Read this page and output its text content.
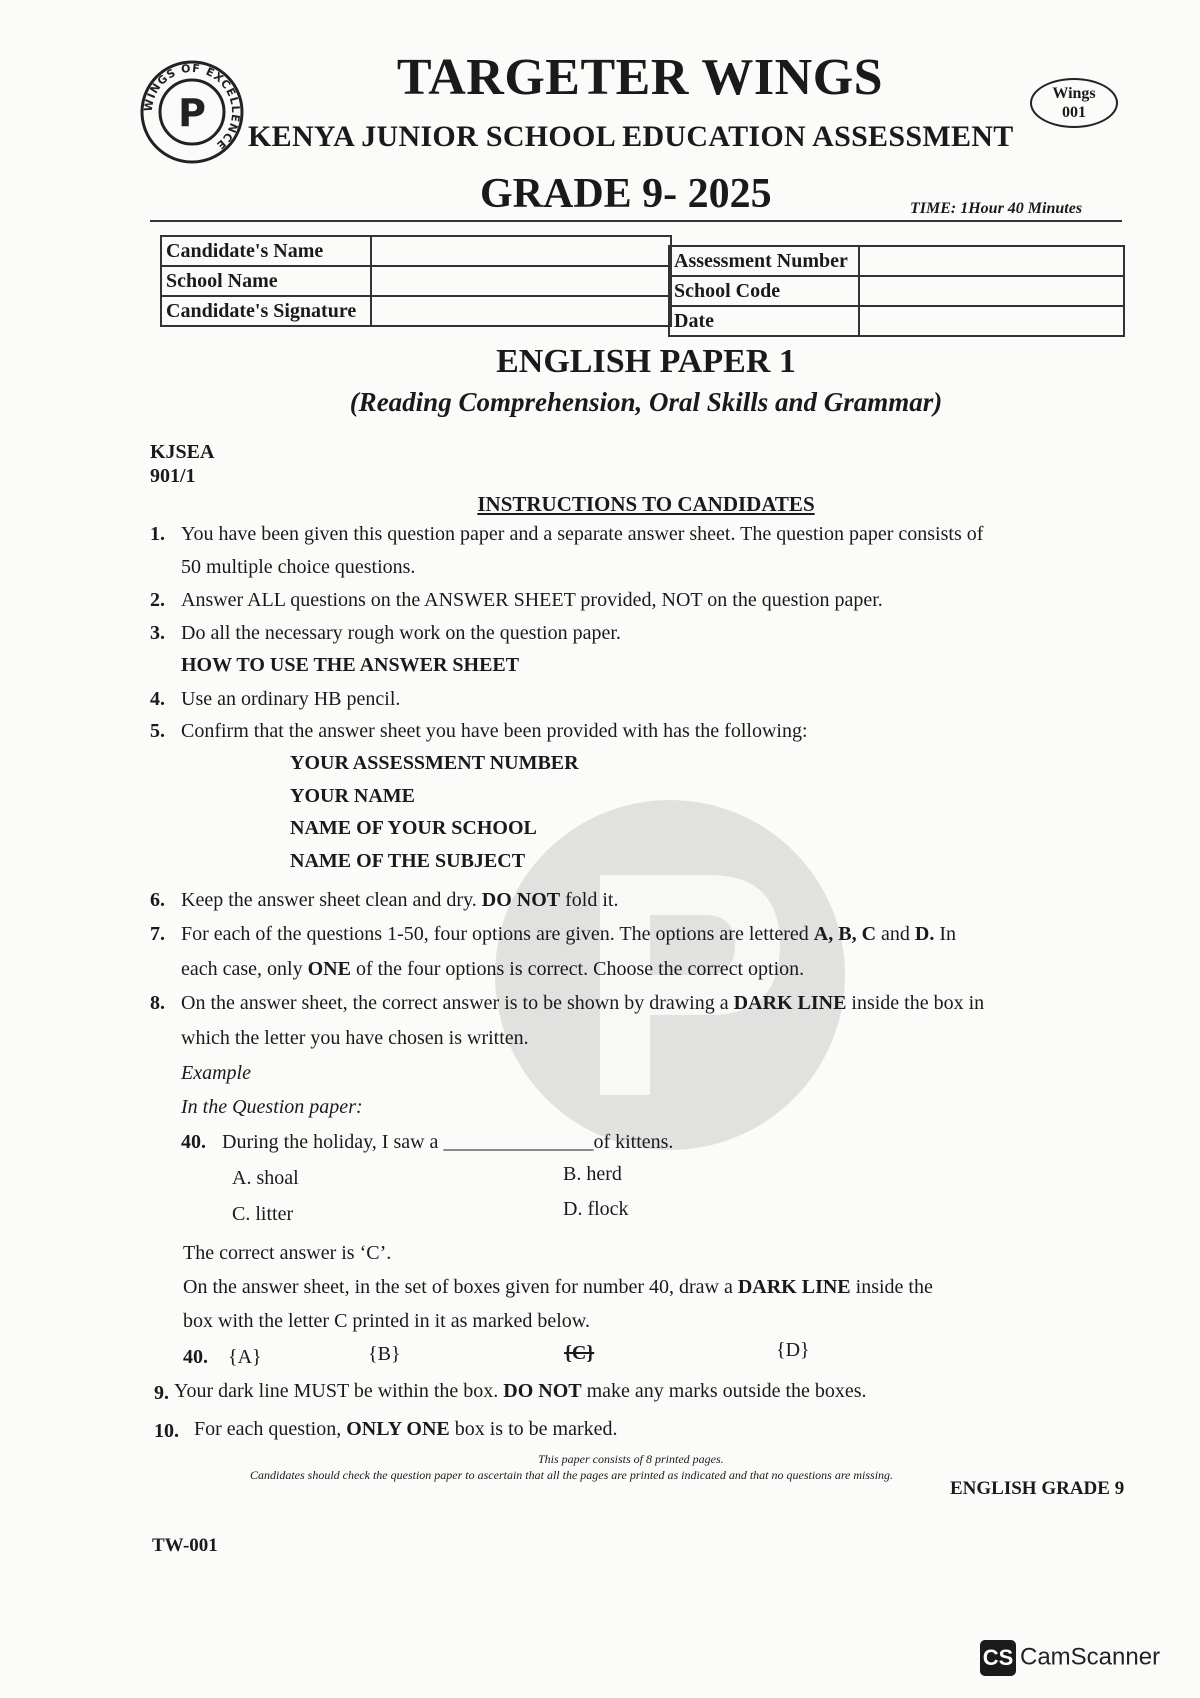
WINGS OF EXCELLENCE
P
TARGETER WINGS
KENYA JUNIOR SCHOOL EDUCATION ASSESSMENT
Wings
001
GRADE 9- 2025	TIME: 1Hour 40 Minutes
Candidate's Name	
School Name	
Candidate's Signature	
Assessment Number	
School Code	
Date	
ENGLISH PAPER 1
(Reading Comprehension, Oral Skills and Grammar)
KJSEA
901/1
INSTRUCTIONS TO CANDIDATES
1. You have been given this question paper and a separate answer sheet. The question paper consists of
50 multiple choice questions.
2. Answer ALL questions on the ANSWER SHEET provided, NOT on the question paper.
3. Do all the necessary rough work on the question paper.
HOW TO USE THE ANSWER SHEET
4. Use an ordinary HB pencil.
5. Confirm that the answer sheet you have been provided with has the following:
YOUR ASSESSMENT NUMBER
YOUR NAME
NAME OF YOUR SCHOOL
NAME OF THE SUBJECT
6. Keep the answer sheet clean and dry. DO NOT fold it.
7. For each of the questions 1-50, four options are given. The options are lettered A, B, C and D. In
each case, only ONE of the four options is correct. Choose the correct option.
8. On the answer sheet, the correct answer is to be shown by drawing a DARK LINE inside the box in
which the letter you have chosen is written.
Example
In the Question paper:
40. During the holiday, I saw a _______________of kittens.
A. shoal	B. herd
C. litter	D. flock
The correct answer is ‘C’.
On the answer sheet, in the set of boxes given for number 40, draw a DARK LINE inside the
box with the letter C printed in it as marked below.
40. {A}	{B}	{C}	{D}
9. Your dark line MUST be within the box. DO NOT make any marks outside the boxes.
10. For each question, ONLY ONE box is to be marked.
This paper consists of 8 printed pages.
Candidates should check the question paper to ascertain that all the pages are printed as indicated and that no questions are missing.
ENGLISH GRADE 9
TW-001
CS CamScanner
